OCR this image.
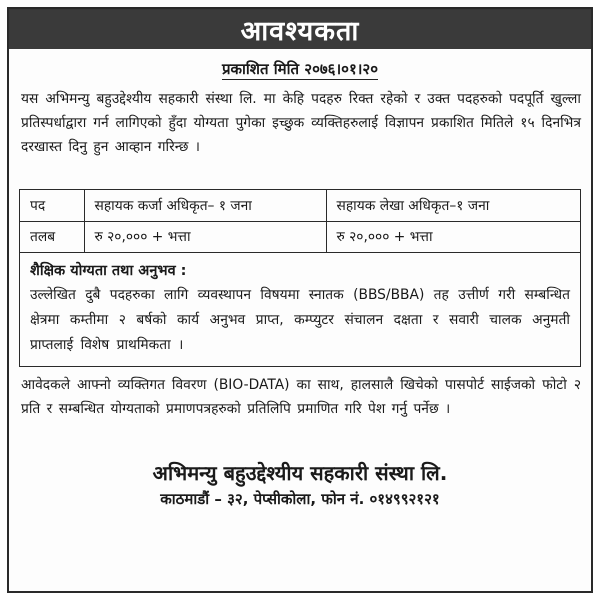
आवश्यकता
प्रकाशित मिति २०७६।०१।२०

यस अभिमन्यु बहुउद्देश्यीय सहकारी संस्था लि. मा केहि पदहरु रिक्त रहेको र उक्त पदहरुको पदपूर्ति खुल्ला प्रतिस्पर्धाद्वारा गर्न लागिएको हुँदा योग्यता पुगेका इच्छुक व्यक्तिहरुलाई विज्ञापन प्रकाशित मितिले १५ दिनभित्र दरखास्त दिनु हुन आव्हान गरिन्छ ।

पद	सहायक कर्जा अधिकृत– १ जना	सहायक लेखा अधिकृत–१ जना
तलब	रु २०,००० + भत्ता	रु २०,००० + भत्ता
शैक्षिक योग्यता तथा अनुभव :

उल्लेखित दुबै पदहरुका लागि व्यवस्थापन विषयमा स्नातक (BBS/BBA) तह उत्तीर्ण गरी सम्बन्धित क्षेत्रमा कम्तीमा २ बर्षको कार्य अनुभव प्राप्त, कम्प्युटर संचालन दक्षता र सवारी चालक अनुमती प्राप्तलाई विशेष प्राथमिकता ।

आवेदकले आफ्नो व्यक्तिगत विवरण (BIO-DATA) का साथ, हालसालै खिचेको पासपोर्ट साईजको फोटो २ प्रति र सम्बन्धित योग्यताको प्रमाणपत्रहरुको प्रतिलिपि प्रमाणित गरि पेश गर्नु पर्नेछ ।

अभिमन्यु बहुउद्देश्यीय सहकारी संस्था लि.
काठमाडौं – ३२, पेप्सीकोला, फोन नं. ०१४९९२१२१
